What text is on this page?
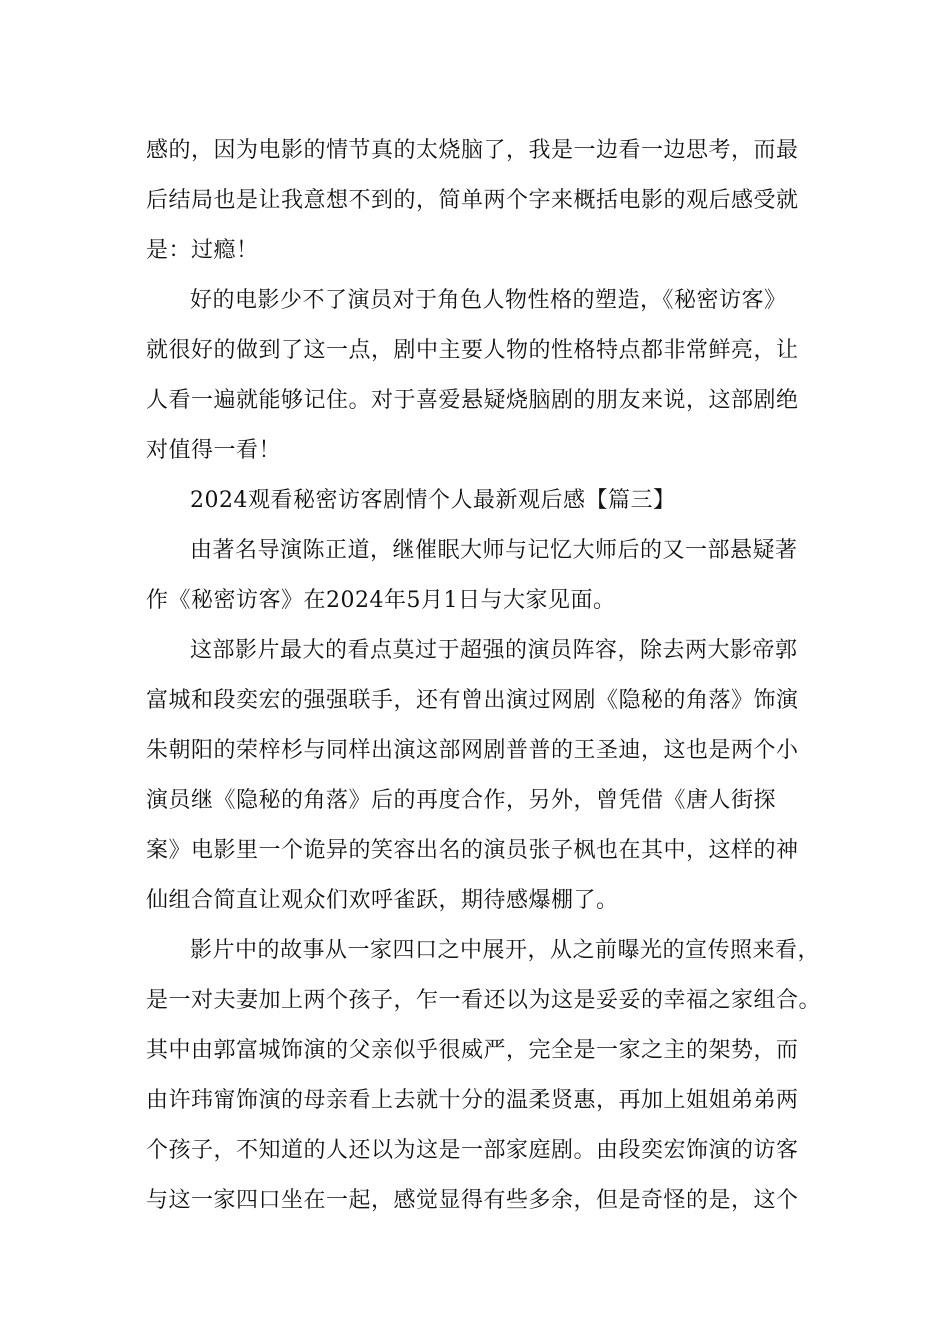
感的，因为电影的情节真的太烧脑了，我是一边看一边思考，而最
后结局也是让我意想不到的，简单两个字来概括电影的观后感受就
是：过瘾！
好的电影少不了演员对于角色人物性格的塑造，《秘密访客》
就很好的做到了这一点，剧中主要人物的性格特点都非常鲜亮，让
人看一遍就能够记住。对于喜爱悬疑烧脑剧的朋友来说，这部剧绝
对值得一看！
2024观看秘密访客剧情个人最新观后感【篇三】
由著名导演陈正道，继催眠大师与记忆大师后的又一部悬疑著
作《秘密访客》在2024年5月1日与大家见面。
这部影片最大的看点莫过于超强的演员阵容，除去两大影帝郭
富城和段奕宏的强强联手，还有曾出演过网剧《隐秘的角落》饰演
朱朝阳的荣梓杉与同样出演这部网剧普普的王圣迪，这也是两个小
演员继《隐秘的角落》后的再度合作，另外，曾凭借《唐人街探
案》电影里一个诡异的笑容出名的演员张子枫也在其中，这样的神
仙组合简直让观众们欢呼雀跃，期待感爆棚了。
影片中的故事从一家四口之中展开，从之前曝光的宣传照来看，
是一对夫妻加上两个孩子，乍一看还以为这是妥妥的幸福之家组合。
其中由郭富城饰演的父亲似乎很威严，完全是一家之主的架势，而
由许玮甯饰演的母亲看上去就十分的温柔贤惠，再加上姐姐弟弟两
个孩子，不知道的人还以为这是一部家庭剧。由段奕宏饰演的访客
与这一家四口坐在一起，感觉显得有些多余，但是奇怪的是，这个
